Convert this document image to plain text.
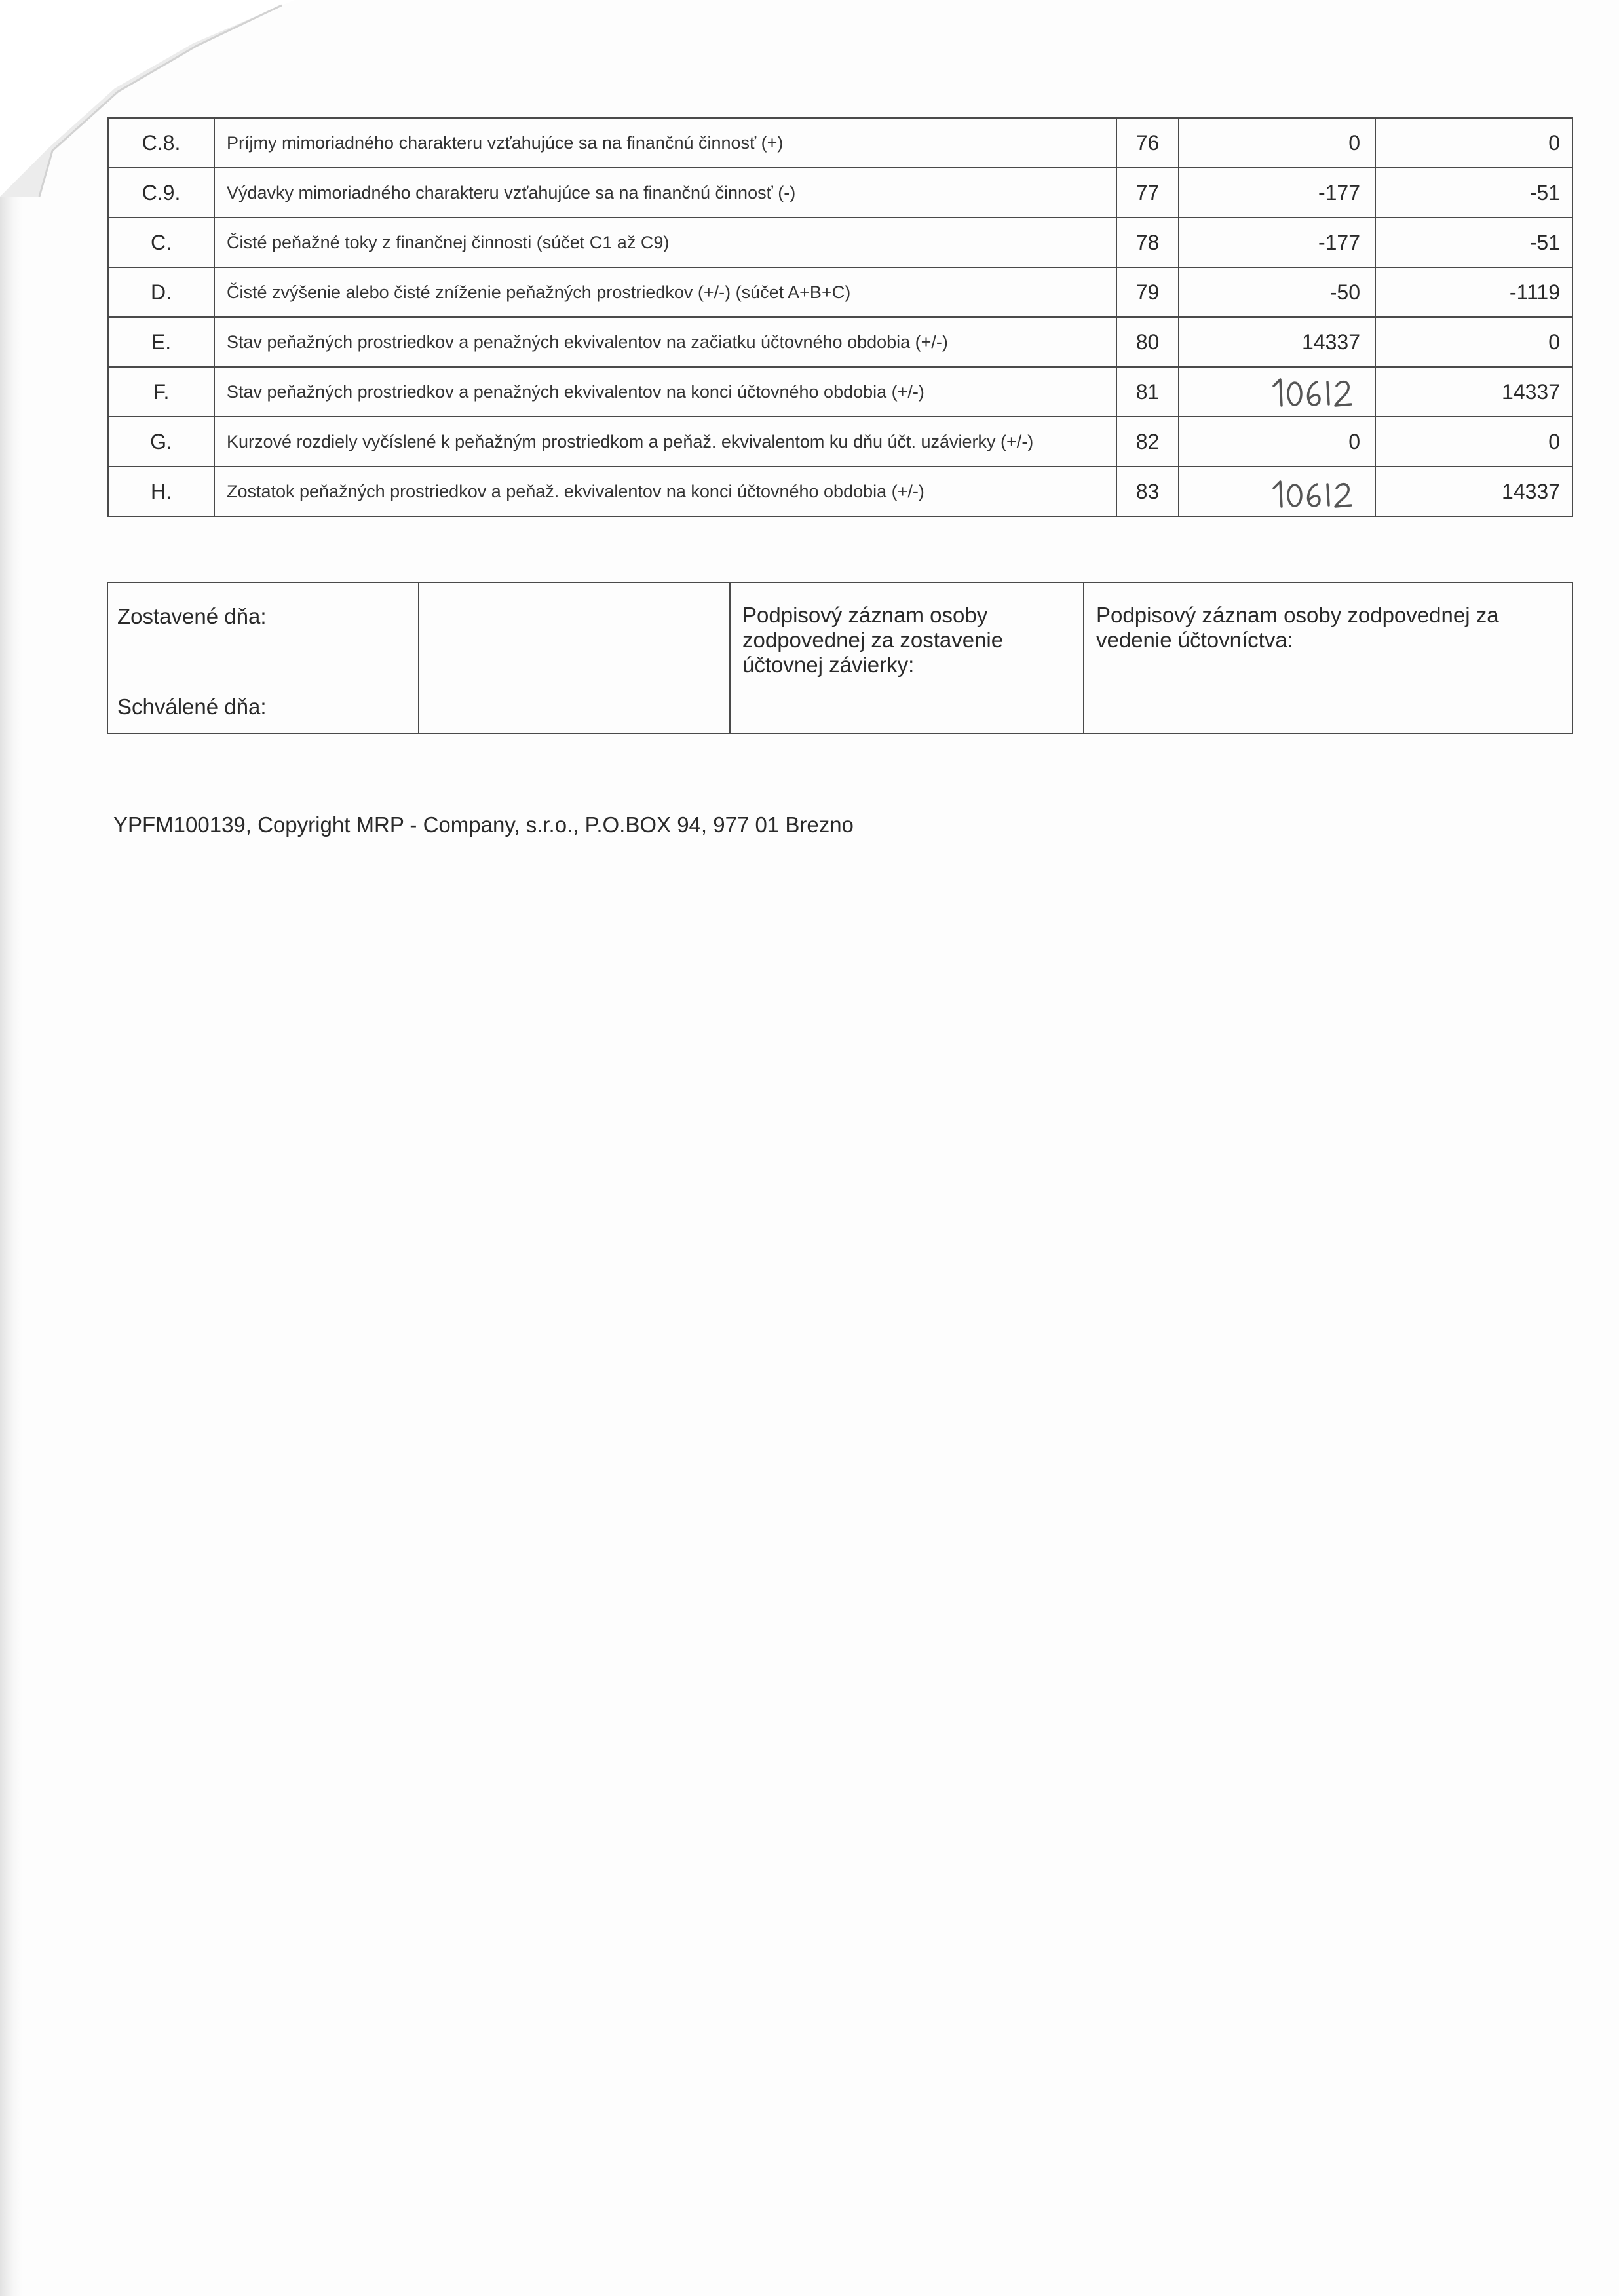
C.8.	Príjmy mimoriadného charakteru vzťahujúce sa na finančnú činnosť (+)	76	0	0
C.9.	Výdavky mimoriadného charakteru vzťahujúce sa na finančnú činnosť (-)	77	-177	-51
C.	Čisté peňažné toky z finančnej činnosti (súčet C1 až C9)	78	-177	-51
D.	Čisté zvýšenie alebo čisté zníženie peňažných prostriedkov (+/-) (súčet A+B+C)	79	-50	-1119
E.	Stav peňažných prostriedkov a penažných ekvivalentov na začiatku účtovného obdobia (+/-)	80	14337	0
F.	Stav peňažných prostriedkov a penažných ekvivalentov na konci účtovného obdobia (+/-)	81		14337
G.	Kurzové rozdiely vyčíslené k peňažným prostriedkom a peňaž. ekvivalentom ku dňu účt. uzávierky (+/-)	82	0	0
H.	Zostatok peňažných prostriedkov a peňaž. ekvivalentov na konci účtovného obdobia (+/-)	83		14337
Zostavené dňa:
Schválené dňa:

Podpisový záznam osoby zodpovednej za zostavenie účtovnej závierky:

Podpisový záznam osoby zodpovednej za vedenie účtovníctva:
YPFM100139, Copyright MRP - Company, s.r.o., P.O.BOX 94, 977 01 Brezno
